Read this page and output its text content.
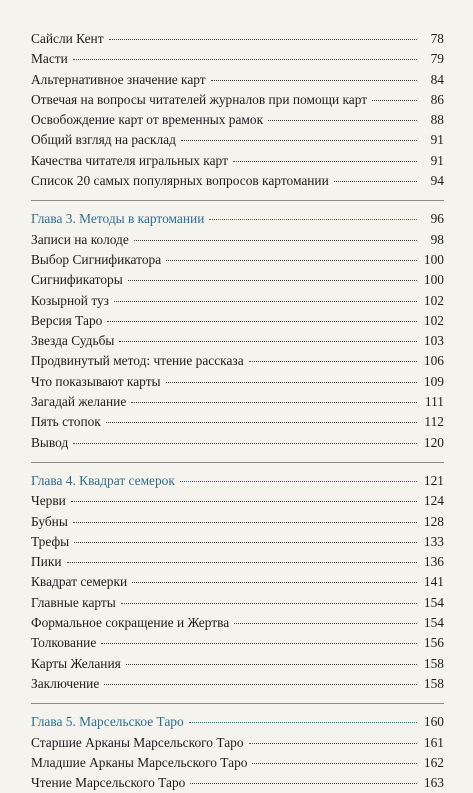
Сайсли Кент	78
Масти	79
Альтернативное значение карт	84
Отвечая на вопросы читателей журналов при помощи карт	86
Освобождение карт от временных рамок	88
Общий взгляд на расклад	91
Качества читателя игральных карт	91
Список 20 самых популярных вопросов картомании	94
Глава 3. Методы в картомании	96
Записи на колоде	98
Выбор Сигнификатора	100
Сигнификаторы	100
Козырной туз	102
Версия Таро	102
Звезда Судьбы	103
Продвинутый метод: чтение рассказа	106
Что показывают карты	109
Загадай желание	111
Пять стопок	112
Вывод	120
Глава 4. Квадрат семерок	121
Черви	124
Бубны	128
Трефы	133
Пики	136
Квадрат семерки	141
Главные карты	154
Формальное сокращение и Жертва	154
Толкование	156
Карты Желания	158
Заключение	158
Глава 5. Марсельское Таро	160
Старшие Арканы Марсельского Таро	161
Младшие Арканы Марсельского Таро	162
Чтение Марсельского Таро	163
